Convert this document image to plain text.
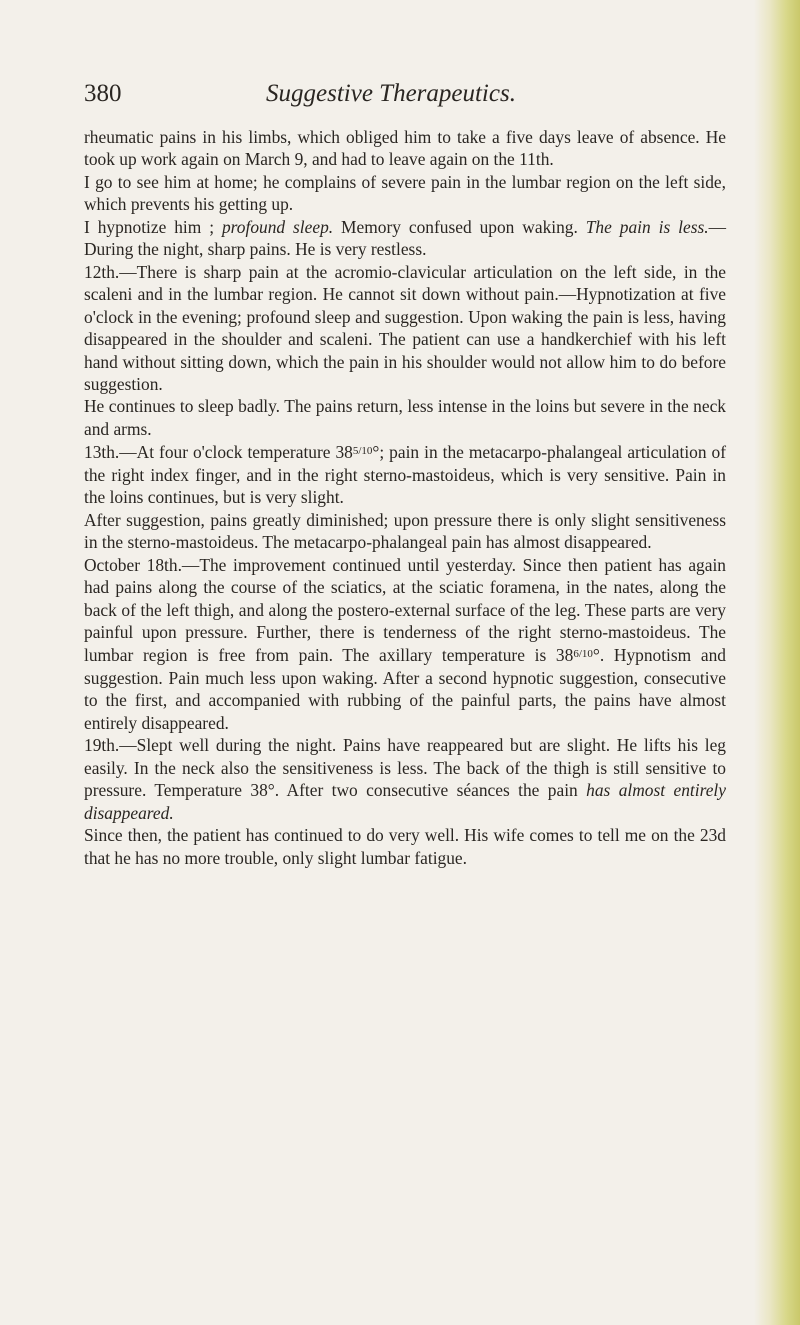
380	Suggestive Therapeutics.

rheumatic pains in his limbs, which obliged him to take a five days leave of absence. He took up work again on March 9, and had to leave again on the 11th.

I go to see him at home; he complains of severe pain in the lumbar region on the left side, which prevents his getting up.

I hypnotize him ; profound sleep. Memory confused upon waking. The pain is less.—During the night, sharp pains. He is very restless.

12th.—There is sharp pain at the acromio-clavicular articulation on the left side, in the scaleni and in the lumbar region. He cannot sit down without pain.—Hypnotization at five o'clock in the evening; profound sleep and suggestion. Upon waking the pain is less, having disappeared in the shoulder and scaleni. The patient can use a handkerchief with his left hand without sitting down, which the pain in his shoulder would not allow him to do before suggestion.

He continues to sleep badly. The pains return, less intense in the loins but severe in the neck and arms.

13th.—At four o'clock temperature $38^{5/10}^\circ$; pain in the metacarpo-phalangeal articulation of the right index finger, and in the right sterno-mastoideus, which is very sensitive. Pain in the loins continues, but is very slight.

After suggestion, pains greatly diminished; upon pressure there is only slight sensitiveness in the sterno-mastoideus. The metacarpo-phalangeal pain has almost disappeared.

October 18th.—The improvement continued until yesterday. Since then patient has again had pains along the course of the sciatics, at the sciatic foramena, in the nates, along the back of the left thigh, and along the postero-external surface of the leg. These parts are very painful upon pressure. Further, there is tenderness of the right sterno-mastoideus. The lumbar region is free from pain. The axillary temperature is $38^{6/10}^\circ$. Hypnotism and suggestion. Pain much less upon waking. After a second hypnotic suggestion, consecutive to the first, and accompanied with rubbing of the painful parts, the pains have almost entirely disappeared.

19th.—Slept well during the night. Pains have reappeared but are slight. He lifts his leg easily. In the neck also the sensitiveness is less. The back of the thigh is still sensitive to pressure. Temperature 38°. After two consecutive séances the pain has almost entirely disappeared.

Since then, the patient has continued to do very well. His wife comes to tell me on the 23d that he has no more trouble, only slight lumbar fatigue.
